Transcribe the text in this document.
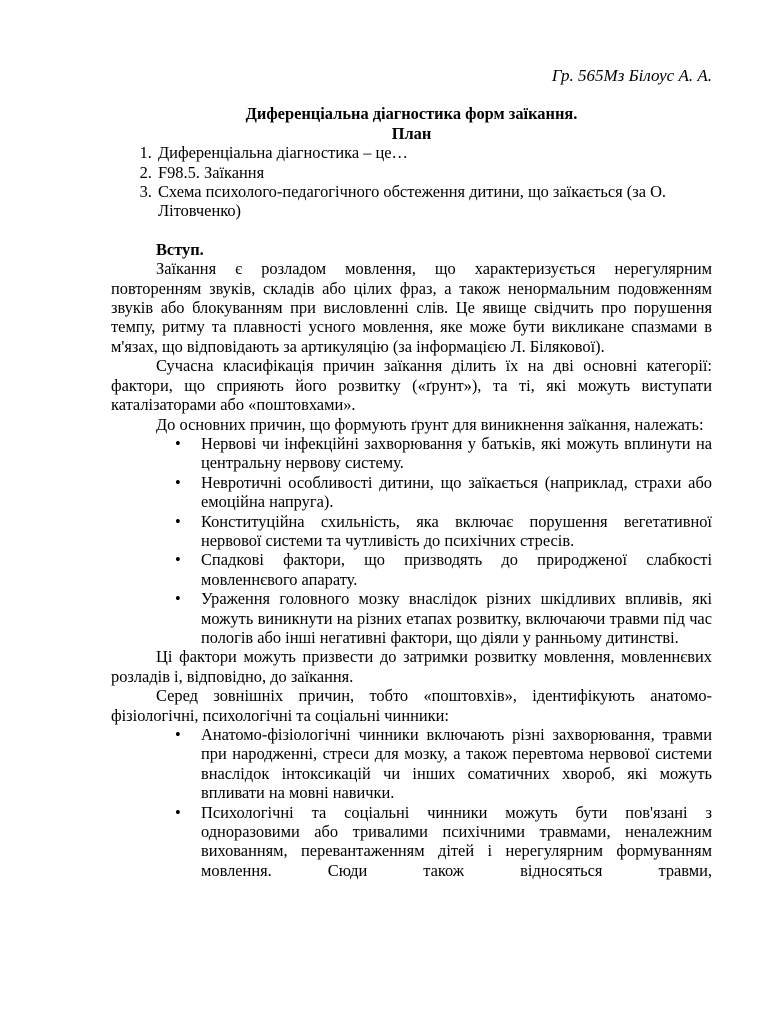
Гр. 565Мз Білоус А. А.
Диференціальна діагностика форм заїкання.
План
1. Диференціальна діагностика – це…
2. F98.5. Заїкання
3. Схема психолого-педагогічного обстеження дитини, що заїкається (за О. Літовченко)
Вступ.

Заїкання є розладом мовлення, що характеризується нерегулярним повторенням звуків, складів або цілих фраз, а також ненормальним подовженням звуків або блокуванням при висловленні слів. Це явище свідчить про порушення темпу, ритму та плавності усного мовлення, яке може бути викликане спазмами в м'язах, що відповідають за артикуляцію (за інформацією Л. Білякової).

Сучасна класифікація причин заїкання ділить їх на дві основні категорії: фактори, що сприяють його розвитку («ґрунт»), та ті, які можуть виступати каталізаторами або «поштовхами».

До основних причин, що формують ґрунт для виникнення заїкання, належать:

• Нервові чи інфекційні захворювання у батьків, які можуть вплинути на центральну нервову систему.
• Невротичні особливості дитини, що заїкається (наприклад, страхи або емоційна напруга).
• Конституційна схильність, яка включає порушення вегетативної нервової системи та чутливість до психічних стресів.
• Спадкові фактори, що призводять до природженої слабкості мовленнєвого апарату.
• Ураження головного мозку внаслідок різних шкідливих впливів, які можуть виникнути на різних етапах розвитку, включаючи травми під час пологів або інші негативні фактори, що діяли у ранньому дитинстві.

Ці фактори можуть призвести до затримки розвитку мовлення, мовленнєвих розладів і, відповідно, до заїкання.

Серед зовнішніх причин, тобто «поштовхів», ідентифікують анатомо-фізіологічні, психологічні та соціальні чинники:

• Анатомо-фізіологічні чинники включають різні захворювання, травми при народженні, стреси для мозку, а також перевтома нервової системи внаслідок інтоксикацій чи інших соматичних хвороб, які можуть впливати на мовні навички.
• Психологічні та соціальні чинники можуть бути пов'язані з одноразовими або тривалими психічними травмами, неналежним вихованням, перевантаженням дітей і нерегулярним формуванням мовлення. Сюди також відносяться травми,
